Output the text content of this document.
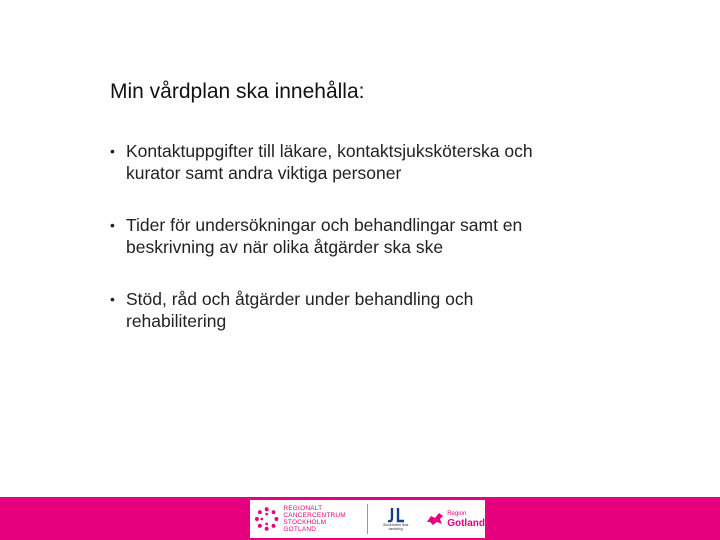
Min vårdplan ska innehålla:
• Kontaktuppgifter till läkare, kontaktsjuksköterska och
kurator samt andra viktiga personer
• Tider för undersökningar och behandlingar samt en
beskrivning av när olika åtgärder ska ske
• Stöd, råd och åtgärder under behandling och
rehabilitering
REGIONALT
CANCERCENTRUM
STOCKHOLM GOTLAND
Stockholms läns landsting
Region
Gotland
